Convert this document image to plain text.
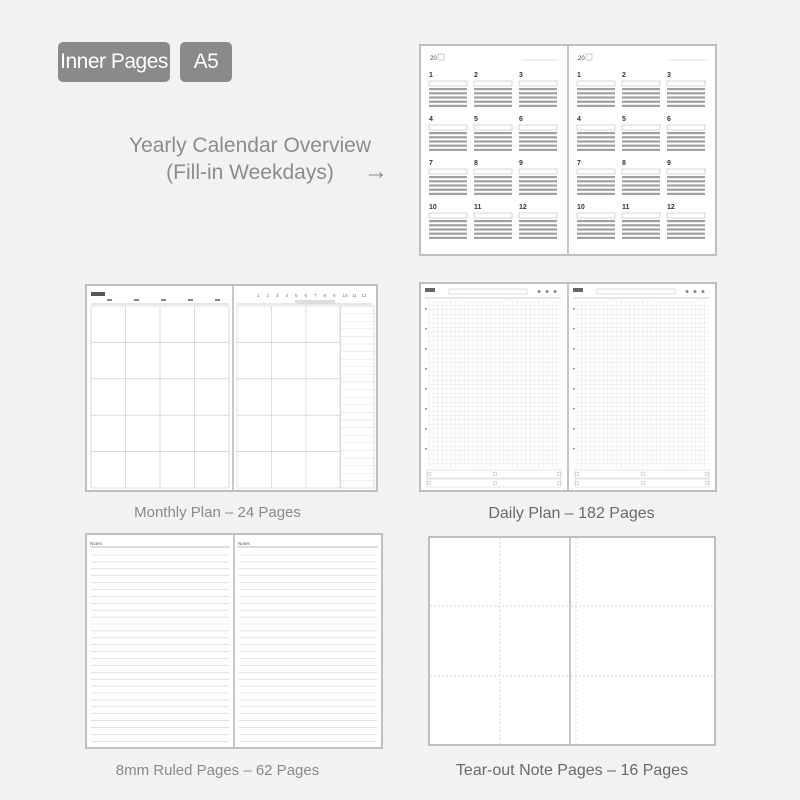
Inner Pages	A5
Yearly Calendar Overview
(Fill-in Weekdays)	→
20
1	2	3
4	5	6
7	8	9
10	11	12
20
1	2	3
4	5	6
7	8	9
10	11	12
1 2 3 4 5 6 7 8 9 10 11 12
Monthly Plan – 24 Pages	Daily Plan – 182 Pages
Notes	Notes
8mm Ruled Pages – 62 Pages	Tear-out Note Pages – 16 Pages
